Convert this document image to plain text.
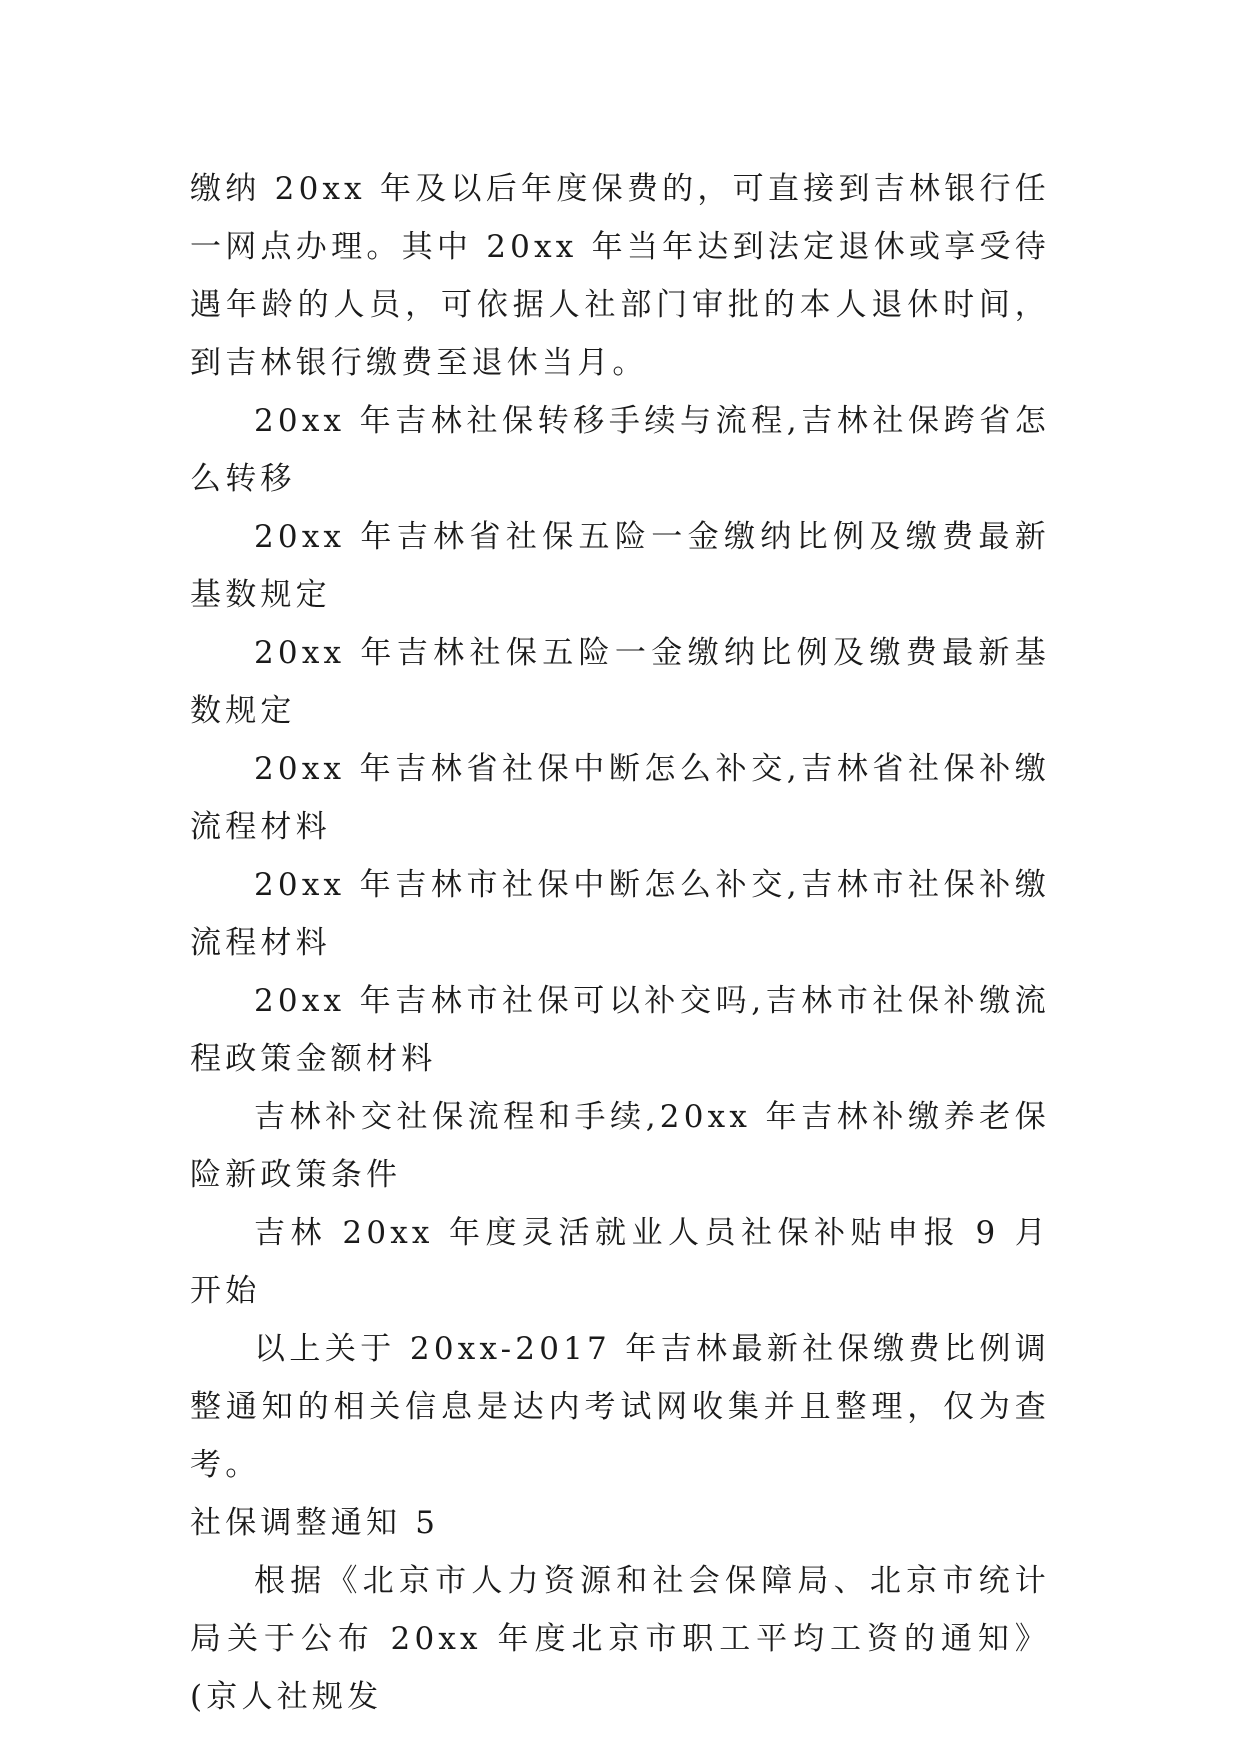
缴纳 20xx 年及以后年度保费的，可直接到吉林银行任一网点办理。其中 20xx 年当年达到法定退休或享受待遇年龄的人员，可依据人社部门审批的本人退休时间，到吉林银行缴费至退休当月。

20xx 年吉林社保转移手续与流程,吉林社保跨省怎么转移

20xx 年吉林省社保五险一金缴纳比例及缴费最新基数规定

20xx 年吉林社保五险一金缴纳比例及缴费最新基数规定

20xx 年吉林省社保中断怎么补交,吉林省社保补缴流程材料

20xx 年吉林市社保中断怎么补交,吉林市社保补缴流程材料

20xx 年吉林市社保可以补交吗,吉林市社保补缴流程政策金额材料

吉林补交社保流程和手续,20xx 年吉林补缴养老保险新政策条件

吉林 20xx 年度灵活就业人员社保补贴申报 9 月开始

以上关于 20xx-2017 年吉林最新社保缴费比例调整通知的相关信息是达内考试网收集并且整理，仅为查考。

社保调整通知 5

根据《北京市人力资源和社会保障局、北京市统计局关于公布 20xx 年度北京市职工平均工资的通知》(京人社规发
